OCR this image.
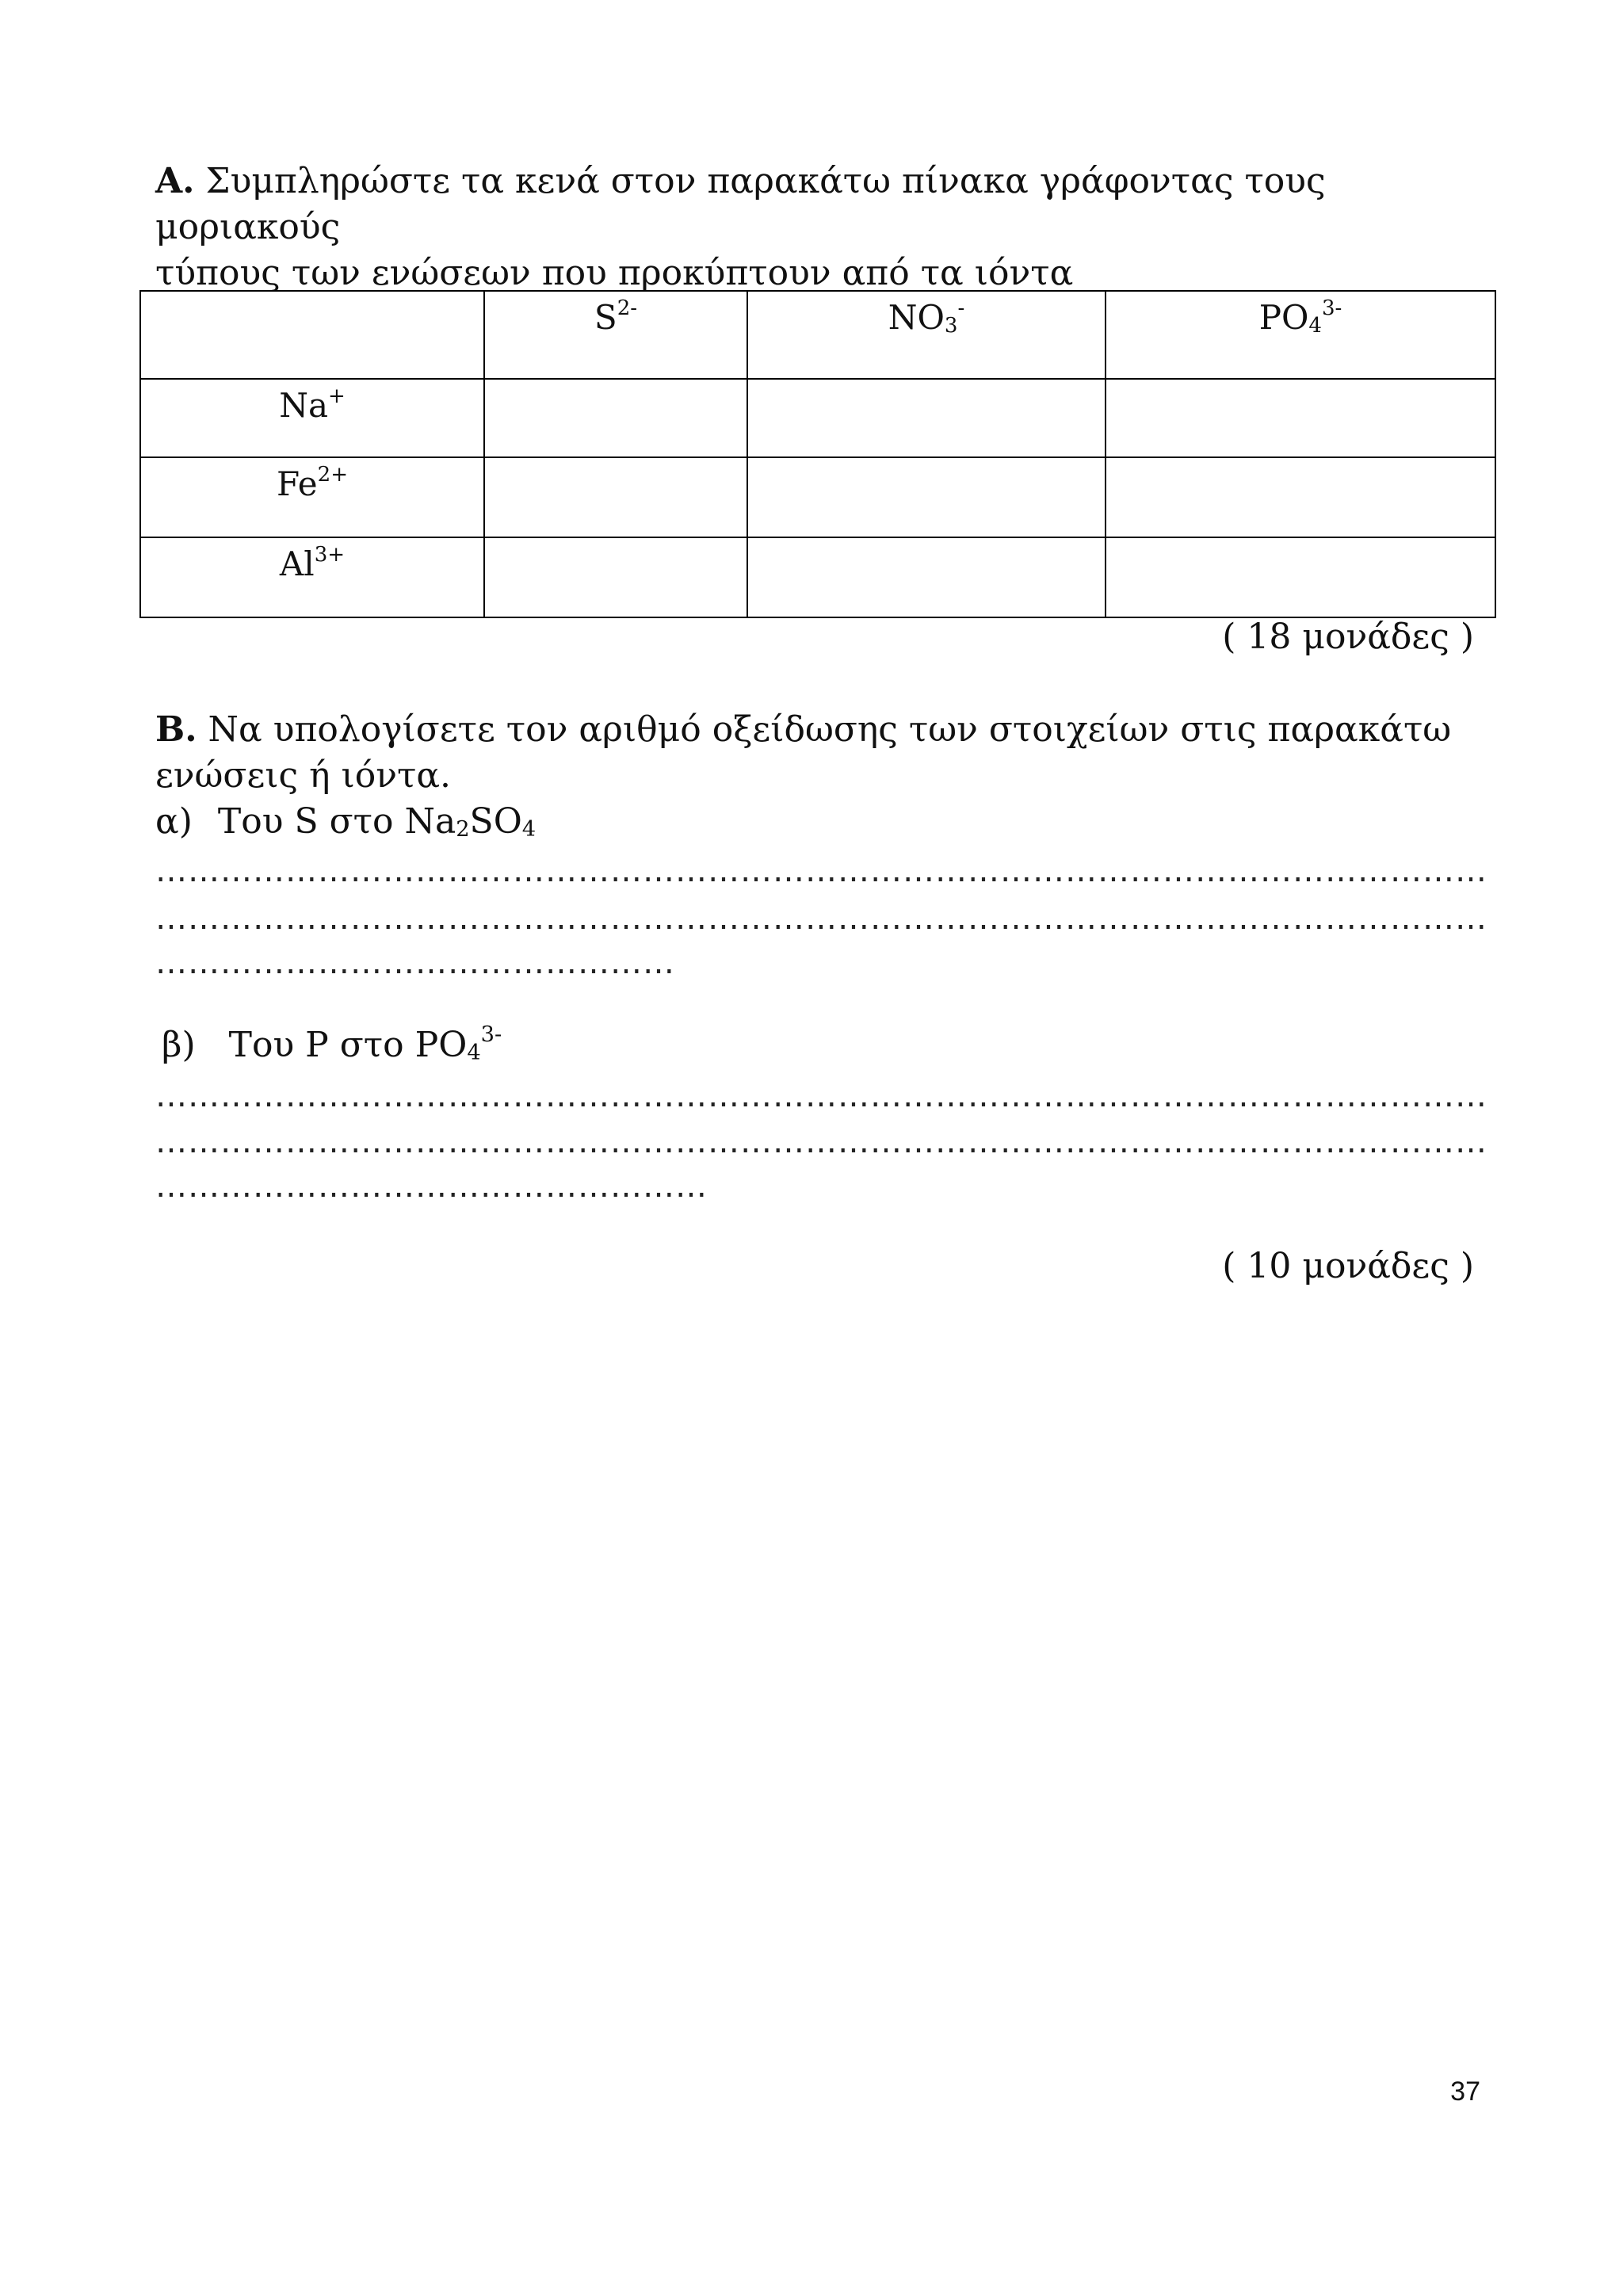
Α. Συμπληρώστε τα κενά στον παρακάτω πίνακα γράφοντας τους μοριακούς
τύπους των ενώσεων που προκύπτουν από τα ιόντα
	$S^{2-}$	$NO_3^-$	$PO_4^{3-}$
Na+			
$Fe^{2+}$			
$Al^{3+}$			
( 18 μονάδες )
Β. Να υπολογίσετε τον αριθμό οξείδωσης των στοιχείων στις παρακάτω
ενώσεις ή ιόντα.
α) Του S στο $Na_2SO_4$
……………………………………………………………………………………………………………
……………………………………………………………………………………………………………
…………………………………………
β) Του P στο $PO_4^{3-}$
……………………………………………………………………………………………………………
……………………………………………………………………………………………………………
……………………………………………
( 10 μονάδες )
37
